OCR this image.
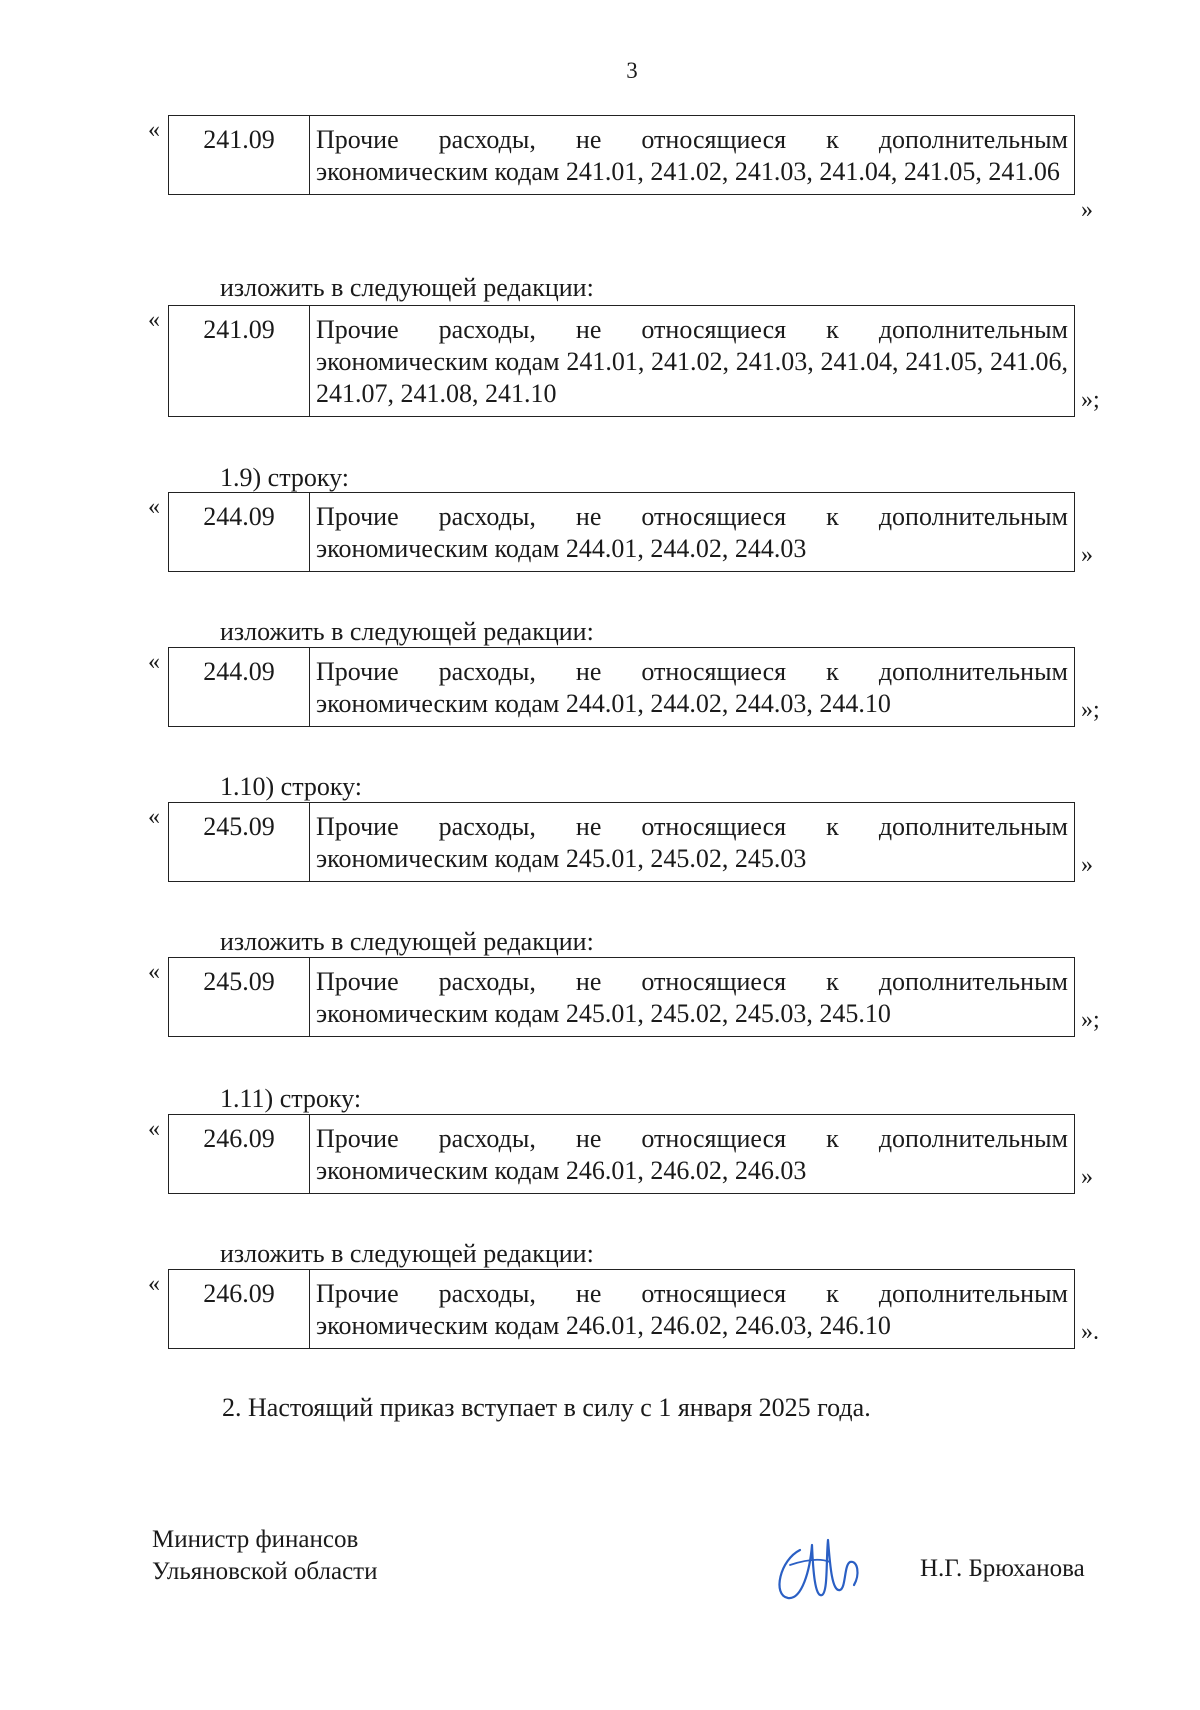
3
« 241.09	Прочие расходы, не относящиеся к дополнительным экономическим кодам 241.01, 241.02, 241.03, 241.04, 241.05, 241.06
»
изложить в следующей редакции:
« 241.09	Прочие расходы, не относящиеся к дополнительным экономическим кодам 241.01, 241.02, 241.03, 241.04, 241.05, 241.06, 241.07, 241.08, 241.10	»;
1.9) строку:
« 244.09	Прочие расходы, не относящиеся к дополнительным экономическим кодам 244.01, 244.02, 244.03	»
изложить в следующей редакции:
« 244.09	Прочие расходы, не относящиеся к дополнительным экономическим кодам 244.01, 244.02, 244.03, 244.10	»;
1.10) строку:
« 245.09	Прочие расходы, не относящиеся к дополнительным экономическим кодам 245.01, 245.02, 245.03	»
изложить в следующей редакции:
« 245.09	Прочие расходы, не относящиеся к дополнительным экономическим кодам 245.01, 245.02, 245.03, 245.10	»;
1.11) строку:
« 246.09	Прочие расходы, не относящиеся к дополнительным экономическим кодам 246.01, 246.02, 246.03	»
изложить в следующей редакции:
« 246.09	Прочие расходы, не относящиеся к дополнительным экономическим кодам 246.01, 246.02, 246.03, 246.10	».
2. Настоящий приказ вступает в силу с 1 января 2025 года.
Министр финансов
Ульяновской области	Н.Г. Брюханова
